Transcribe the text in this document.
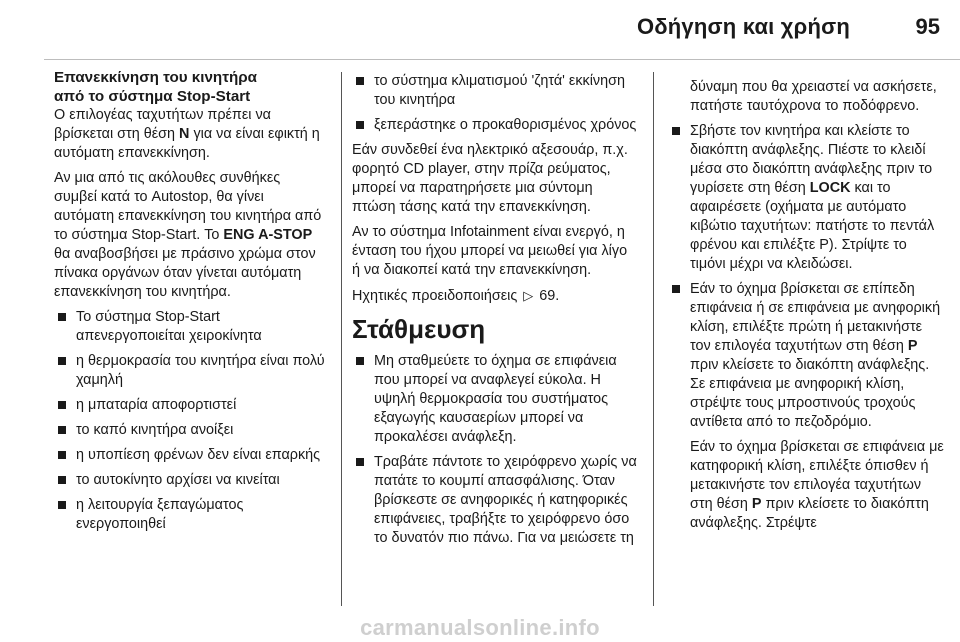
Οδήγηση και χρήση	95
Επανεκκίνηση του κινητήρα
από το σύστημα Stop-Start

Ο επιλογέας ταχυτήτων πρέπει να βρίσκεται στη θέση N για να είναι εφικτή η αυτόματη επανεκκίνηση.

Αν μια από τις ακόλουθες συνθήκες συμβεί κατά το Autostop, θα γίνει αυτόματη επανεκκίνηση του κινητήρα από το σύστημα Stop-Start. Το ENG A-STOP θα αναβοσβήσει με πράσινο χρώμα στον πίνακα οργάνων όταν γίνεται αυτόματη επανεκκίνηση του κινητήρα.

Το σύστημα Stop-Start απενεργοποιείται χειροκίνητα
η θερμοκρασία του κινητήρα είναι πολύ χαμηλή
η μπαταρία αποφορτιστεί
το καπό κινητήρα ανοίξει
η υποπίεση φρένων δεν είναι επαρκής
το αυτοκίνητο αρχίσει να κινείται
η λειτουργία ξεπαγώματος ενεργοποιηθεί
το σύστημα κλιματισμού 'ζητά' εκκίνηση του κινητήρα
ξεπεράστηκε ο προκαθορισμένος χρόνος

Εάν συνδεθεί ένα ηλεκτρικό αξεσουάρ, π.χ. φορητό CD player, στην πρίζα ρεύματος, μπορεί να παρατηρήσετε μια σύντομη πτώση τάσης κατά την επανεκκίνηση.

Αν το σύστημα Infotainment είναι ενεργό, η ένταση του ήχου μπορεί να μειωθεί για λίγο ή να διακοπεί κατά την επανεκκίνηση.

Ηχητικές προειδοποιήσεις ▷ 69.

Στάθμευση
Μη σταθμεύετε το όχημα σε επιφάνεια που μπορεί να αναφλεγεί εύκολα. Η υψηλή θερμοκρασία του συστήματος εξαγωγής καυσαερίων μπορεί να προκαλέσει ανάφλεξη.
Τραβάτε πάντοτε το χειρόφρενο χωρίς να πατάτε το κουμπί απασφάλισης. Όταν βρίσκεστε σε ανηφορικές ή κατηφορικές επιφάνειες, τραβήξτε το χειρόφρενο όσο το δυνατόν πιο πάνω. Για να μειώσετε τη

δύναμη που θα χρειαστεί να ασκήσετε, πατήστε ταυτόχρονα το ποδόφρενο.

Σβήστε τον κινητήρα και κλείστε το διακόπτη ανάφλεξης. Πιέστε το κλειδί μέσα στο διακόπτη ανάφλεξης πριν το γυρίσετε στη θέση LOCK και το αφαιρέσετε (οχήματα με αυτόματο κιβώτιο ταχυτήτων: πατήστε το πεντάλ φρένου και επιλέξτε P). Στρίψτε το τιμόνι μέχρι να κλειδώσει.
Εάν το όχημα βρίσκεται σε επίπεδη επιφάνεια ή σε επιφάνεια με ανηφορική κλίση, επιλέξτε πρώτη ή μετακινήστε τον επιλογέα ταχυτήτων στη θέση P πριν κλείσετε το διακόπτη ανάφλεξης. Σε επιφάνεια με ανηφορική κλίση, στρέψτε τους μπροστινούς τροχούς αντίθετα από το πεζοδρόμιο.
Εάν το όχημα βρίσκεται σε επιφάνεια με κατηφορική κλίση, επιλέξτε όπισθεν ή μετακινήστε τον επιλογέα ταχυτήτων στη θέση P πριν κλείσετε το διακόπτη ανάφλεξης. Στρέψτε
carmanualsonline.info
